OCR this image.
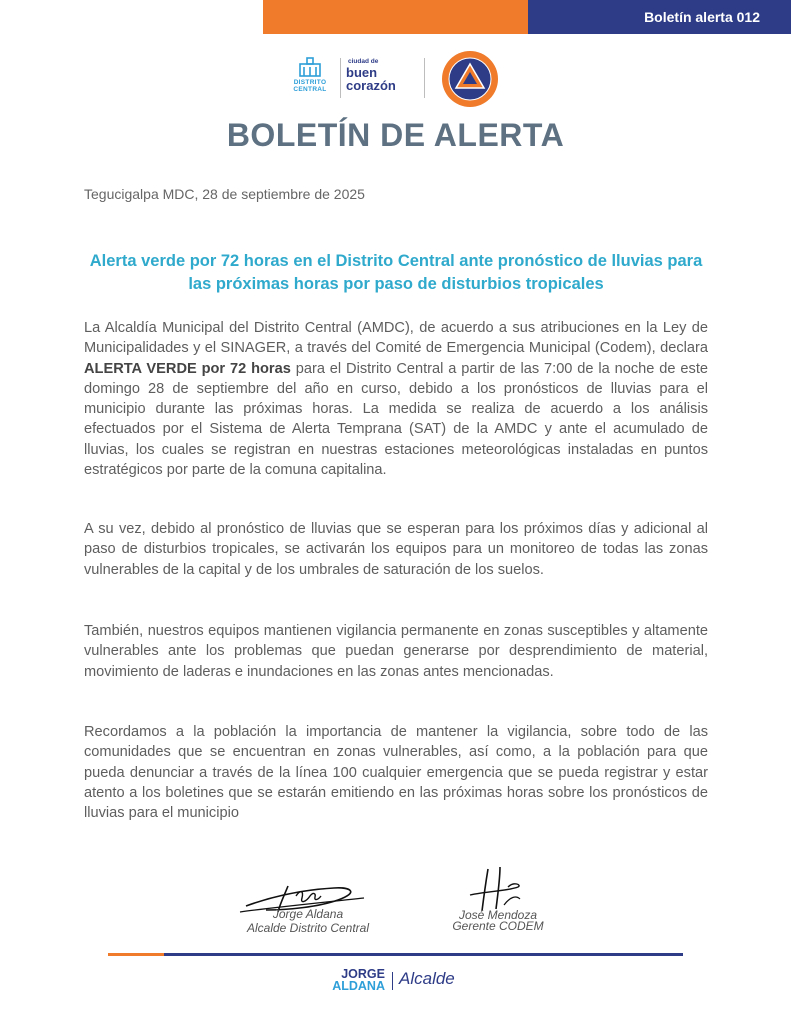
Boletín alerta 012
DISTRITO
CENTRAL
ciudad de
buen
corazón
BOLETÍN DE ALERTA
Tegucigalpa MDC, 28 de septiembre de 2025
Alerta verde por 72 horas en el Distrito Central ante pronóstico de lluvias para las próximas horas por paso de disturbios tropicales
La Alcaldía Municipal del Distrito Central (AMDC), de acuerdo a sus atribuciones en la Ley de Municipalidades y el SINAGER, a través del Comité de Emergencia Municipal (Codem), declara ALERTA VERDE por 72 horas para el Distrito Central a partir de las 7:00 de la noche de este domingo 28 de septiembre del año en curso, debido a los pronósticos de lluvias para el municipio durante las próximas horas. La medida se realiza de acuerdo a los análisis efectuados por el Sistema de Alerta Temprana (SAT) de la AMDC y ante el acumulado de lluvias, los cuales se registran en nuestras estaciones meteorológicas instaladas en puntos estratégicos por parte de la comuna capitalina.
A su vez, debido al pronóstico de lluvias que se esperan para los próximos días y adicional al paso de disturbios tropicales, se activarán los equipos para un monitoreo de todas las zonas vulnerables de la capital y de los umbrales de saturación de los suelos.
También, nuestros equipos mantienen vigilancia permanente en zonas susceptibles y altamente vulnerables ante los problemas que puedan generarse por desprendimiento de material, movimiento de laderas e inundaciones en las zonas antes mencionadas.
Recordamos a la población la importancia de mantener la vigilancia, sobre todo de las comunidades que se encuentran en zonas vulnerables, así como, a la población para que pueda denunciar a través de la línea 100 cualquier emergencia que se pueda registrar y estar atento a los boletines que se estarán emitiendo en las próximas horas sobre los pronósticos de lluvias para el municipio
Jorge Aldana
Alcalde Distrito Central
José Mendoza
Gerente CODEM
JORGE
ALDANA Alcalde
